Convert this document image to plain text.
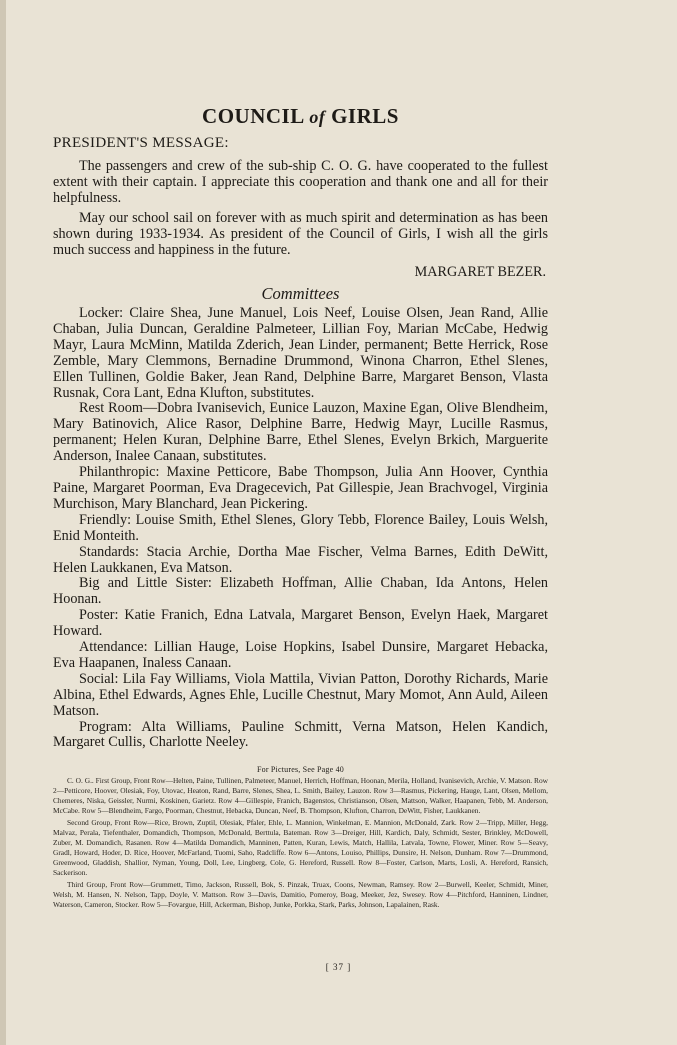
COUNCIL of GIRLS
PRESIDENT'S MESSAGE:

The passengers and crew of the sub-ship C. O. G. have cooperated to the fullest extent with their captain. I appreciate this cooperation and thank one and all for their helpfulness.

May our school sail on forever with as much spirit and determination as has been shown during 1933-1934. As president of the Council of Girls, I wish all the girls much success and happiness in the future.

MARGARET BEZER.
Committees

Locker: Claire Shea, June Manuel, Lois Neef, Louise Olsen, Jean Rand, Allie Chaban, Julia Duncan, Geraldine Palmeteer, Lillian Foy, Marian McCabe, Hedwig Mayr, Laura McMinn, Matilda Zderich, Jean Linder, permanent; Bette Herrick, Rose Zemble, Mary Clemmons, Bernadine Drummond, Winona Charron, Ethel Slenes, Ellen Tullinen, Goldie Baker, Jean Rand, Delphine Barre, Margaret Benson, Vlasta Rusnak, Cora Lant, Edna Klufton, substitutes.

Rest Room—Dobra Ivanisevich, Eunice Lauzon, Maxine Egan, Olive Blendheim, Mary Batinovich, Alice Rasor, Delphine Barre, Hedwig Mayr, Lucille Rasmus, permanent; Helen Kuran, Delphine Barre, Ethel Slenes, Evelyn Brkich, Marguerite Anderson, Inalee Canaan, substitutes.

Philanthropic: Maxine Petticore, Babe Thompson, Julia Ann Hoover, Cynthia Paine, Margaret Poorman, Eva Dragecevich, Pat Gillespie, Jean Brachvogel, Virginia Murchison, Mary Blanchard, Jean Pickering.

Friendly: Louise Smith, Ethel Slenes, Glory Tebb, Florence Bailey, Louis Welsh, Enid Monteith.

Standards: Stacia Archie, Dortha Mae Fischer, Velma Barnes, Edith DeWitt, Helen Laukkanen, Eva Matson.

Big and Little Sister: Elizabeth Hoffman, Allie Chaban, Ida Antons, Helen Hoonan.

Poster: Katie Franich, Edna Latvala, Margaret Benson, Evelyn Haek, Margaret Howard.

Attendance: Lillian Hauge, Loise Hopkins, Isabel Dunsire, Margaret Hebacka, Eva Haapanen, Inaless Canaan.

Social: Lila Fay Williams, Viola Mattila, Vivian Patton, Dorothy Richards, Marie Albina, Ethel Edwards, Agnes Ehle, Lucille Chestnut, Mary Momot, Ann Auld, Aileen Matson.

Program: Alta Williams, Pauline Schmitt, Verna Matson, Helen Kandich, Margaret Cullis, Charlotte Neeley.

For Pictures, See Page 40

C. O. G.. First Group, Front Row—Helten, Paine, Tullinen, Palmeteer, Manuel, Herrich, Hoffman, Hoonan, Merila, Holland, Ivanisevich, Archie, V. Matson. Row 2—Petticore, Hoover, Olesiak, Foy, Utovac, Heaton, Rand, Barre, Slenes, Shea, L. Smith, Bailey, Lauzon. Row 3—Rasmus, Pickering, Hauge, Lant, Olsen, Mellom, Chemeres, Niska, Geissler, Nurmi, Koskinen, Garietz. Row 4—Gillespie, Franich, Bagenstos, Christianson, Olsen, Mattson, Walker, Haapanen, Tebb, M. Anderson, McCabe. Row 5—Blendheim, Fargo, Poorman, Chestnut, Hebacka, Duncan, Neef, B. Thompson, Klufton, Charron, DeWitt, Fisher, Laukkanen.

Second Group, Front Row—Rice, Brown, Zuptil, Olesiak, Pfaler, Ehle, L. Mannion, Winkelman, E. Mannion, McDonald, Zark. Row 2—Tripp, Miller, Hegg, Malvaz, Perala, Tiefenthaler, Domandich, Thompson, McDonald, Berttula, Bateman. Row 3—Dreiger, Hill, Kardich, Daly, Schmidt, Sester, Brinkley, McDowell, Zuber, M. Domandich, Rasanen. Row 4—Matilda Domandich, Manninen, Patten, Kuran, Lewis, Match, Hallila, Latvala, Towne, Flower, Miner. Row 5—Seavy, Gradl, Howard, Hoder, D. Rice, Hoover, McFarland, Tuomi, Saho, Radcliffe. Row 6—Antons, Louiso, Phillips, Dunsire, H. Nelson, Dunham. Row 7—Drummond, Greenwood, Gladdish, Shallior, Nyman, Young, Doll, Lee, Lingberg, Cole, G. Hereford, Russell. Row 8—Foster, Carlson, Marts, Losli, A. Hereford, Ransich, Sackerison.

Third Group, Front Row—Grummett, Timo, Jackson, Russell, Bok, S. Pinzak, Truax, Coons, Newman, Ramsey. Row 2—Burwell, Keeler, Schmidt, Miner, Welsh, M. Hansen, N. Nelson, Tapp, Doyle, V. Mattson. Row 3—Davis, Damitio, Pomeroy, Boag, Meeker, Jez, Swesey. Row 4—Pitchford, Hanninen, Lindner, Waterson, Cameron, Stocker. Row 5—Fovargue, Hill, Ackerman, Bishop, Junke, Porkka, Stark, Parks, Johnson, Lapalainen, Rask.

[ 37 ]
